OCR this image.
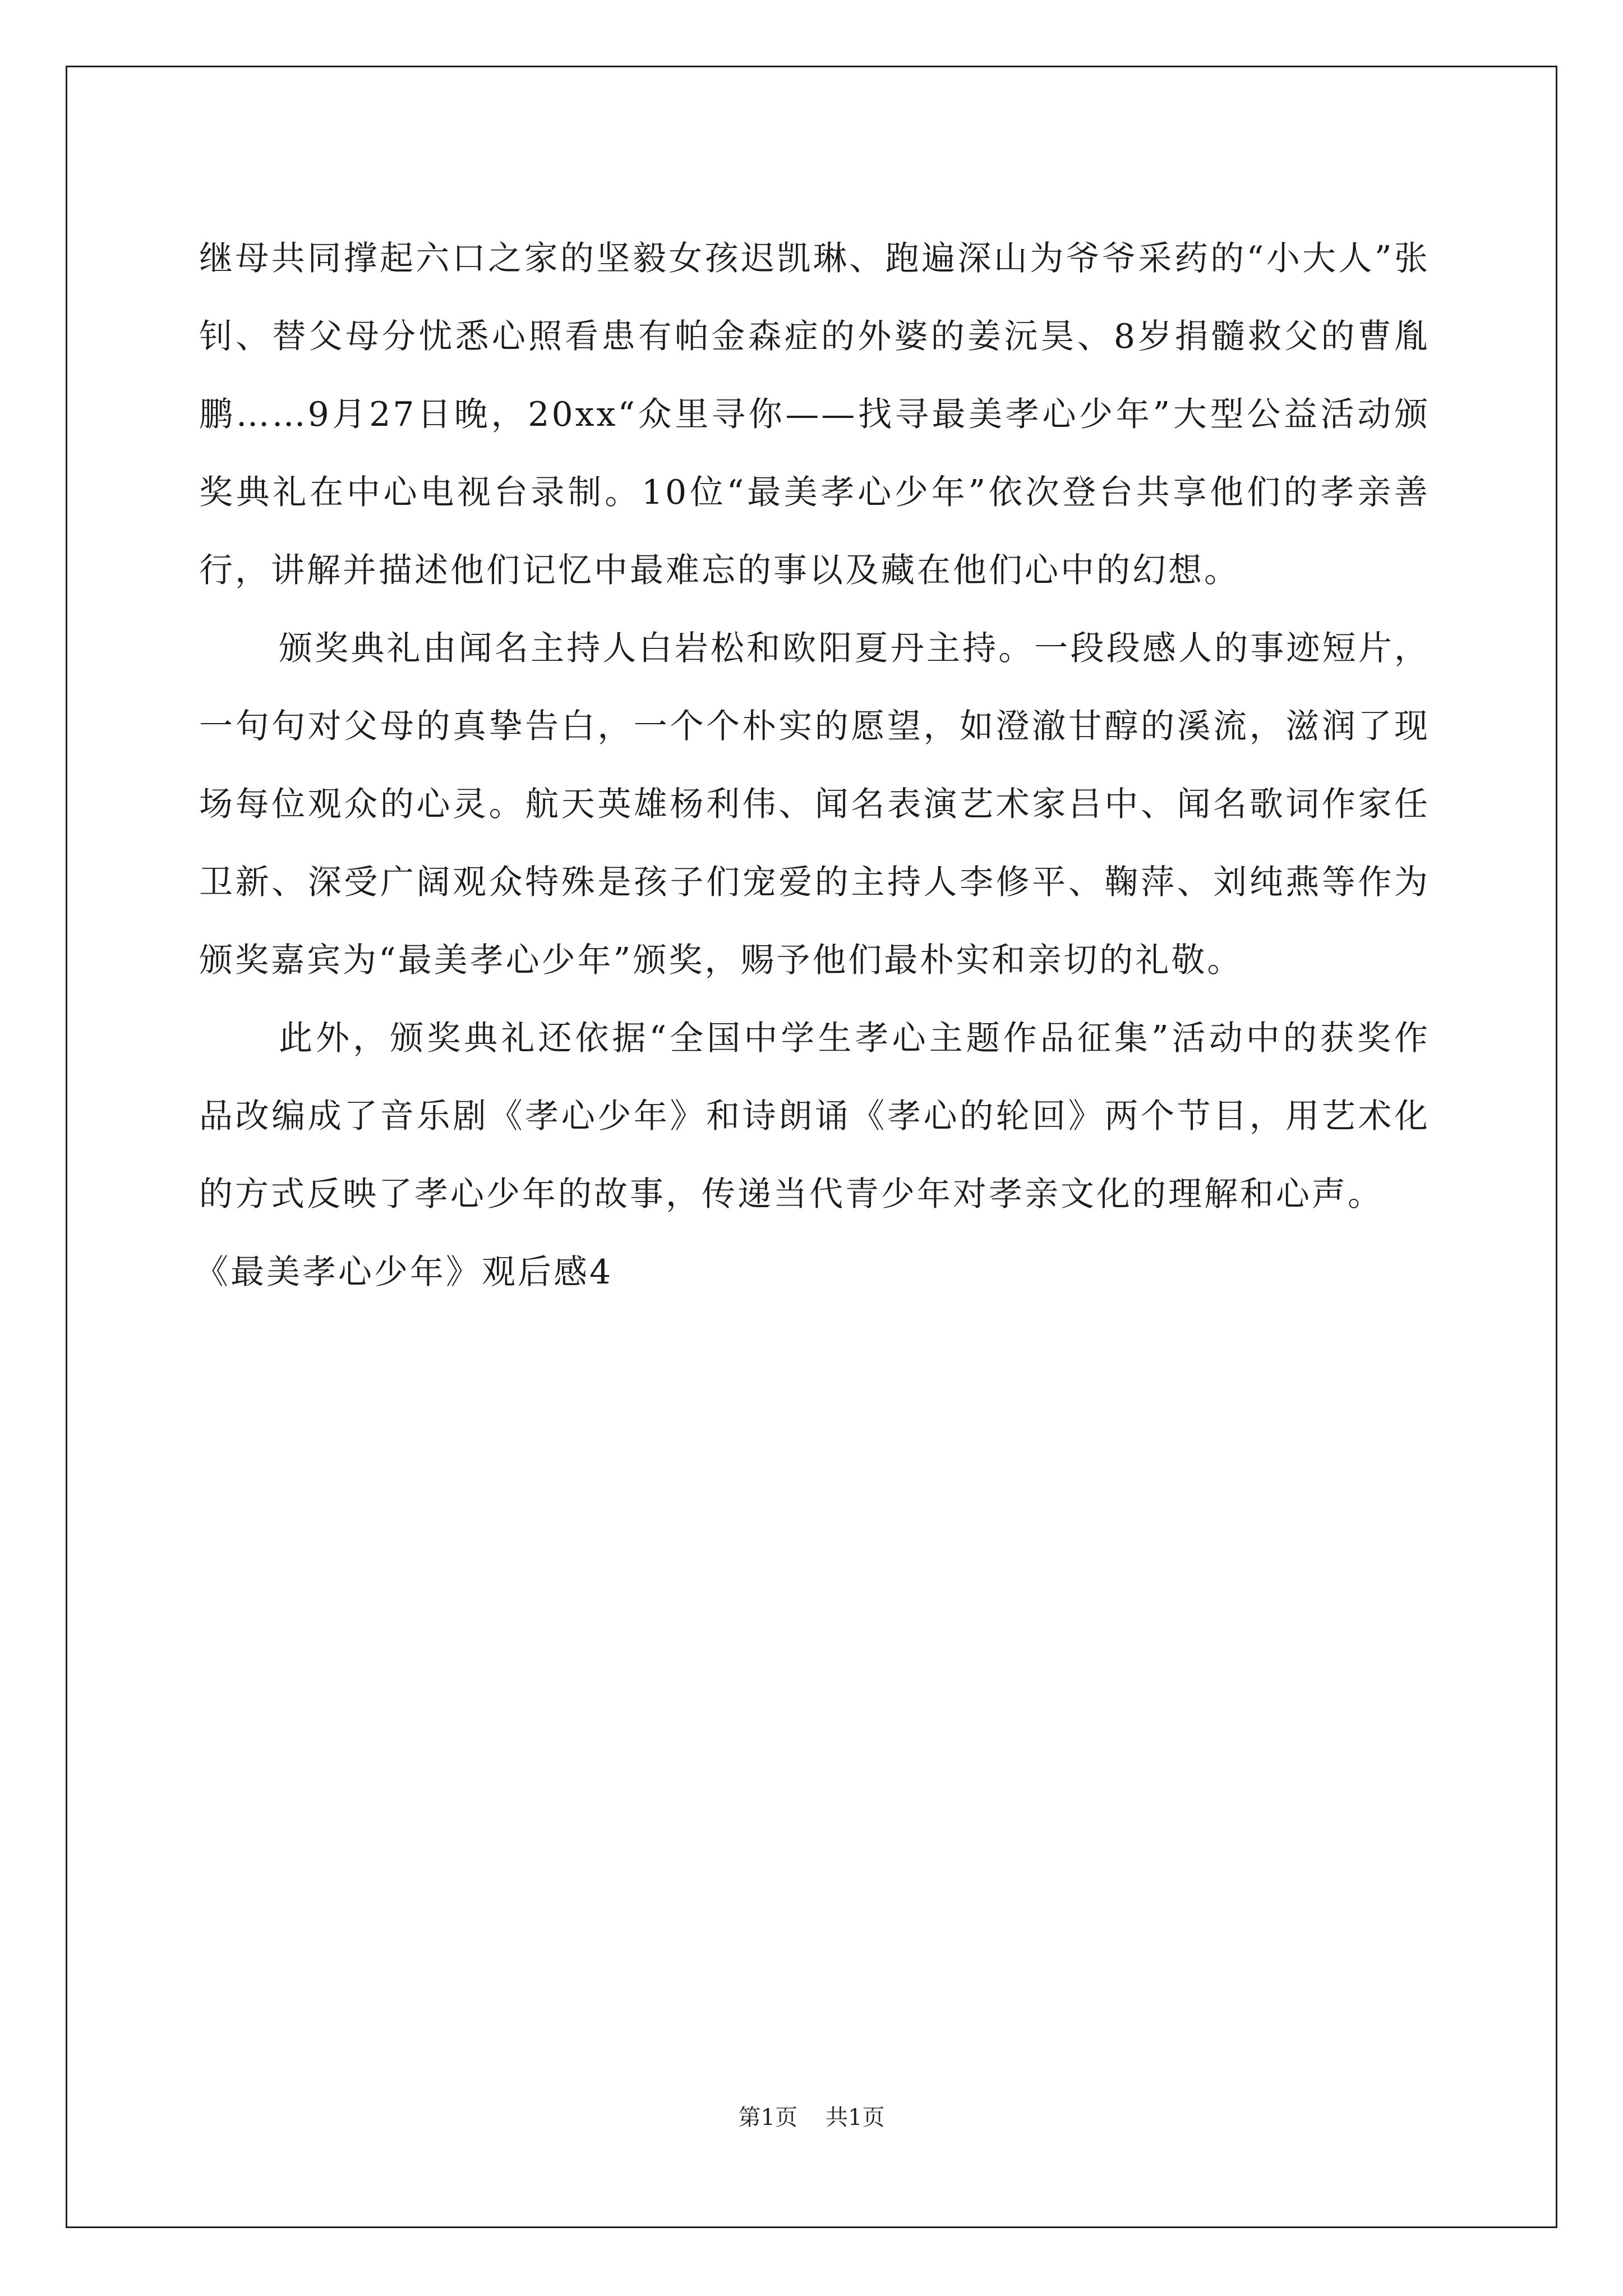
继母共同撑起六口之家的坚毅女孩迟凯琳、跑遍深山为爷爷采药的“小大人”张钊、替父母分忧悉心照看患有帕金森症的外婆的姜沅昊、8岁捐髓救父的曹胤鹏……9月27日晚，20xx“众里寻你——找寻最美孝心少年”大型公益活动颁奖典礼在中心电视台录制。10位“最美孝心少年”依次登台共享他们的孝亲善行，讲解并描述他们记忆中最难忘的事以及藏在他们心中的幻想。

颁奖典礼由闻名主持人白岩松和欧阳夏丹主持。一段段感人的事迹短片，一句句对父母的真挚告白，一个个朴实的愿望，如澄澈甘醇的溪流，滋润了现场每位观众的心灵。航天英雄杨利伟、闻名表演艺术家吕中、闻名歌词作家任卫新、深受广阔观众特殊是孩子们宠爱的主持人李修平、鞠萍、刘纯燕等作为颁奖嘉宾为“最美孝心少年”颁奖，赐予他们最朴实和亲切的礼敬。

此外，颁奖典礼还依据“全国中学生孝心主题作品征集”活动中的获奖作品改编成了音乐剧《孝心少年》和诗朗诵《孝心的轮回》两个节目，用艺术化的方式反映了孝心少年的故事，传递当代青少年对孝亲文化的理解和心声。

《最美孝心少年》观后感4

第1页 共1页
